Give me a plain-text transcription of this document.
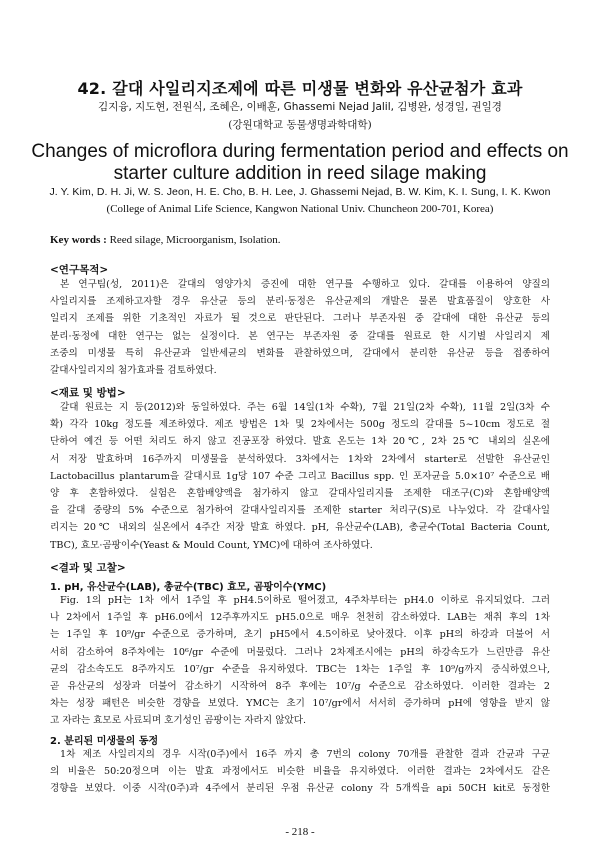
42. 갈대 사일리지조제에 따른 미생물 변화와 유산균첨가 효과
김지융, 지도현, 전원식, 조혜은, 이배훈, Ghassemi Nejad Jalil, 김병완, 성경일, 권일경
(강원대학교 동물생명과학대학)
Changes of microflora during fermentation period and effects on
starter culture addition in reed silage making
J. Y. Kim, D. H. Ji, W. S. Jeon, H. E. Cho, B. H. Lee, J. Ghassemi Nejad, B. W. Kim, K. I. Sung, I. K. Kwon
(College of Animal Life Science, Kangwon National Univ. Chuncheon 200-701, Korea)
Key words : Reed silage, Microorganism, Isolation.
<연구목적>
본 연구팀(성, 2011)은 갈대의 영양가치 증진에 대한 연구를 수행하고 있다. 갈대를 이용하여 양질의
사일리지를 조제하고자할 경우 유산균 등의 분리·동정은 유산균제의 개발은 물론 발효품질이 양호한 사
일리지 조제를 위한 기초적인 자료가 될 것으로 판단된다. 그러나 부존자원 중 갈대에 대한 유산균 등의
분리·동정에 대한 연구는 없는 실정이다. 본 연구는 부존자원 중 갈대를 원료로 한 시기별 사일리지 제
조중의 미생물 특히 유산균과 일반세균의 변화를 관찰하였으며, 갈대에서 분리한 유산균 등을 접종하여
갈대사일리지의 첨가효과를 검토하였다.
<재료 및 방법>
갈대 원료는 지 등(2012)와 동일하였다. 주는 6월 14일(1차 수확), 7월 21일(2차 수확), 11월 2일(3차 수
확) 각각 10kg 정도를 제조하였다. 제조 방법은 1차 및 2차에서는 500g 정도의 갈대를 5~10cm 정도로 절
단하여 예건 등 어떤 처리도 하지 않고 진공포장 하였다. 발효 온도는 1차 20℃, 2차 25℃ 내외의 실온에
서 저장 발효하며 16주까지 미생물을 분석하였다. 3차에서는 1차와 2차에서 starter로 선발한 유산균인
Lactobacillus plantarum을 갈대시료 1g당 107 수준 그리고 Bacillus spp. 인 포자균을 5.0×10⁷ 수준으로 배
양 후 혼합하였다. 실험은 혼합배양액을 첨가하지 않고 갈대사일리지를 조제한 대조구(C)와 혼합배양액
을 갈대 중량의 5% 수준으로 첨가하여 갈대사일리지를 조제한 starter 처리구(S)로 나누었다. 각 갈대사일
리지는 20℃ 내외의 실온에서 4주간 저장 발효 하였다. pH, 유산균수(LAB), 총균수(Total Bacteria Count,
TBC), 효모·곰팡이수(Yeast & Mould Count, YMC)에 대하여 조사하였다.
<결과 및 고찰>
1. pH, 유산균수(LAB), 총균수(TBC) 효모, 곰팡이수(YMC)
Fig. 1의 pH는 1차 에서 1주일 후 pH4.5이하로 떨어졌고, 4주차부터는 pH4.0 이하로 유지되었다. 그러
나 2차에서 1주일 후 pH6.0에서 12주후까지도 pH5.0으로 매우 천천히 감소하였다. LAB는 채취 후의 1차
는 1주일 후 10⁹/gr 수준으로 증가하며, 초기 pH5에서 4.5이하로 낮아졌다. 이후 pH의 하강과 더불어 서
서히 감소하여 8주차에는 10⁶/gr 수준에 머물렀다. 그러나 2차제조시에는 pH의 하강속도가 느린만큼 유산
균의 감소속도도 8주까지도 10⁷/gr 수준을 유지하였다. TBC는 1차는 1주일 후 10⁹/g까지 증식하였으나,
곧 유산균의 성장과 더불어 감소하기 시작하여 8주 후에는 10⁷/g 수준으로 감소하였다. 이러한 결과는 2
차는 성장 패턴은 비슷한 경향을 보였다. YMC는 초기 10⁷/gr에서 서서히 증가하며 pH에 영향을 받지 않
고 자라는 효모로 사료되며 호기성인 곰팡이는 자라지 않았다.
2. 분리된 미생물의 동정
1차 제조 사일리지의 경우 시작(0주)에서 16주 까지 총 7번의 colony 70개를 관찰한 결과 간균과 구균
의 비율은 50:20정으며 이는 발효 과정에서도 비슷한 비율을 유지하였다. 이러한 결과는 2차에서도 같은
경향을 보였다. 이중 시작(0주)과 4주에서 분리된 우점 유산균 colony 각 5개씩을 api 50CH kit로 동정한
- 218 -
